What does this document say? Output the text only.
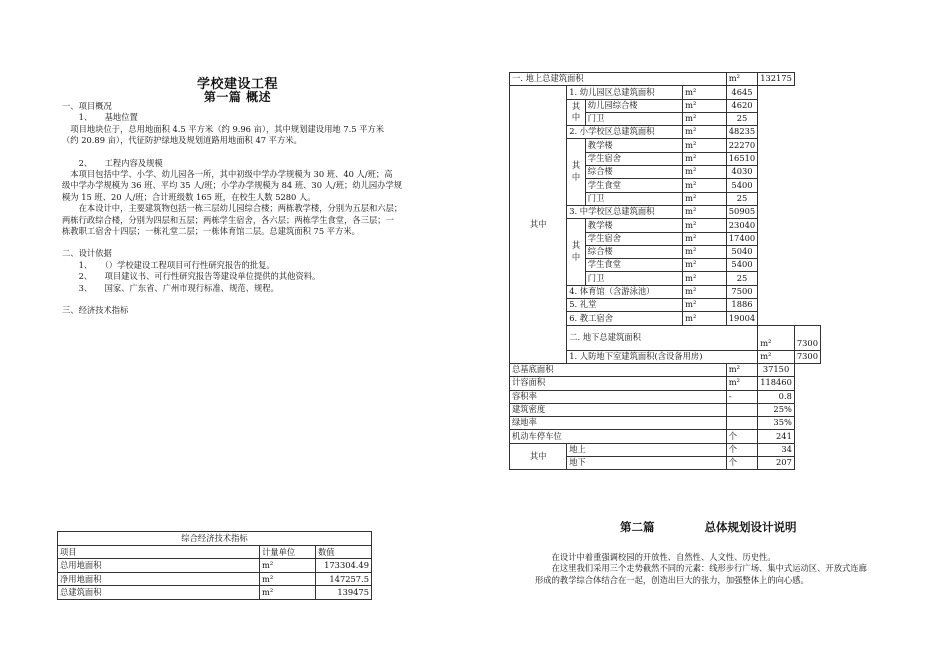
学校建设工程
第一篇 概述

一、项目概况

　　1、　　基地位置

　项目地块位于，总用地面积 4.5 平方米（约 9.96 亩），其中规划建设用地 7.5 平方米

（约 20.89 亩），代征防护绿地及规划道路用地面积 47 平方米。

　　2、　　工程内容及规模

　本项目包括中学、小学、幼儿园各一所，其中初级中学办学规模为 30 班、40 人/班；高

级中学办学规模为 36 班、平均 35 人/班；小学办学规模为 84 班、30 人/班；幼儿园办学规

模为 15 班、20 人/班；合计班级数 165 班，在校生人数 5280 人。

　　在本设计中，主要建筑物包括一栋三层幼儿园综合楼；两栋教学楼，分别为五层和六层；

两栋行政综合楼，分别为四层和五层；两栋学生宿舍，各六层；两栋学生食堂，各三层；一

栋教职工宿舍十四层；一栋礼堂二层；一栋体育馆二层。总建筑面积 75 平方米。

二、设计依据

　　1、　　（）学校建设工程项目可行性研究报告的批复。

　　2、　　项目建议书、可行性研究报告等建设单位提供的其他资料。

　　3、　　国家、广东省、广州市现行标准、规范、规程。

三、经济技术指标

综合经济技术指标		
项目	计量单位	数值
总用地面积	m²	173304.49
净用地面积	m²	147257.5
总建筑面积	m²	139475
一. 地上总建筑面积				m²	132175	
其中	1. 幼儿园区总建筑面积		m²	4645		
	其中	幼儿园综合楼	m²	4620		
		门卫	m²	25		
	2. 小学校区总建筑面积		m²	48235		
	其中	教学楼	m²	22270		
		学生宿舍	m²	16510		
		综合楼	m²	4030		
		学生食堂	m²	5400		
		门卫	m²	25		
	3. 中学校区总建筑面积		m²	50905		
	其中	教学楼	m²	23040		
		学生宿舍	m²	17400		
		综合楼	m²	5040		
		学生食堂	m²	5400		
		门卫	m²	25		
	4. 体育馆（含游泳池）		m²	7500		
	5. 礼堂		m²	1886		
	6. 教工宿舍		m²	19004		
	二. 地下总建筑面积				m²	7300
	1. 人防地下室建筑面积(含设备用房)				m²	7300
总基底面积				m²	37150	
计容面积				m²	118460	
容积率				-	0.8	
建筑密度					25%	
绿地率					35%	
机动车停车位				个	241	
其中	地上			个	34	
	地下			个	207	
第二篇	总体规划设计说明

　　在设计中着重强调校园的开放性、自然性、人文性、历史性。

　　在这里我们采用三个走势截然不同的元素：线形步行广场、集中式运动区、开放式连廊

形成的教学综合体结合在一起，创造出巨大的张力，加强整体上的向心感。
